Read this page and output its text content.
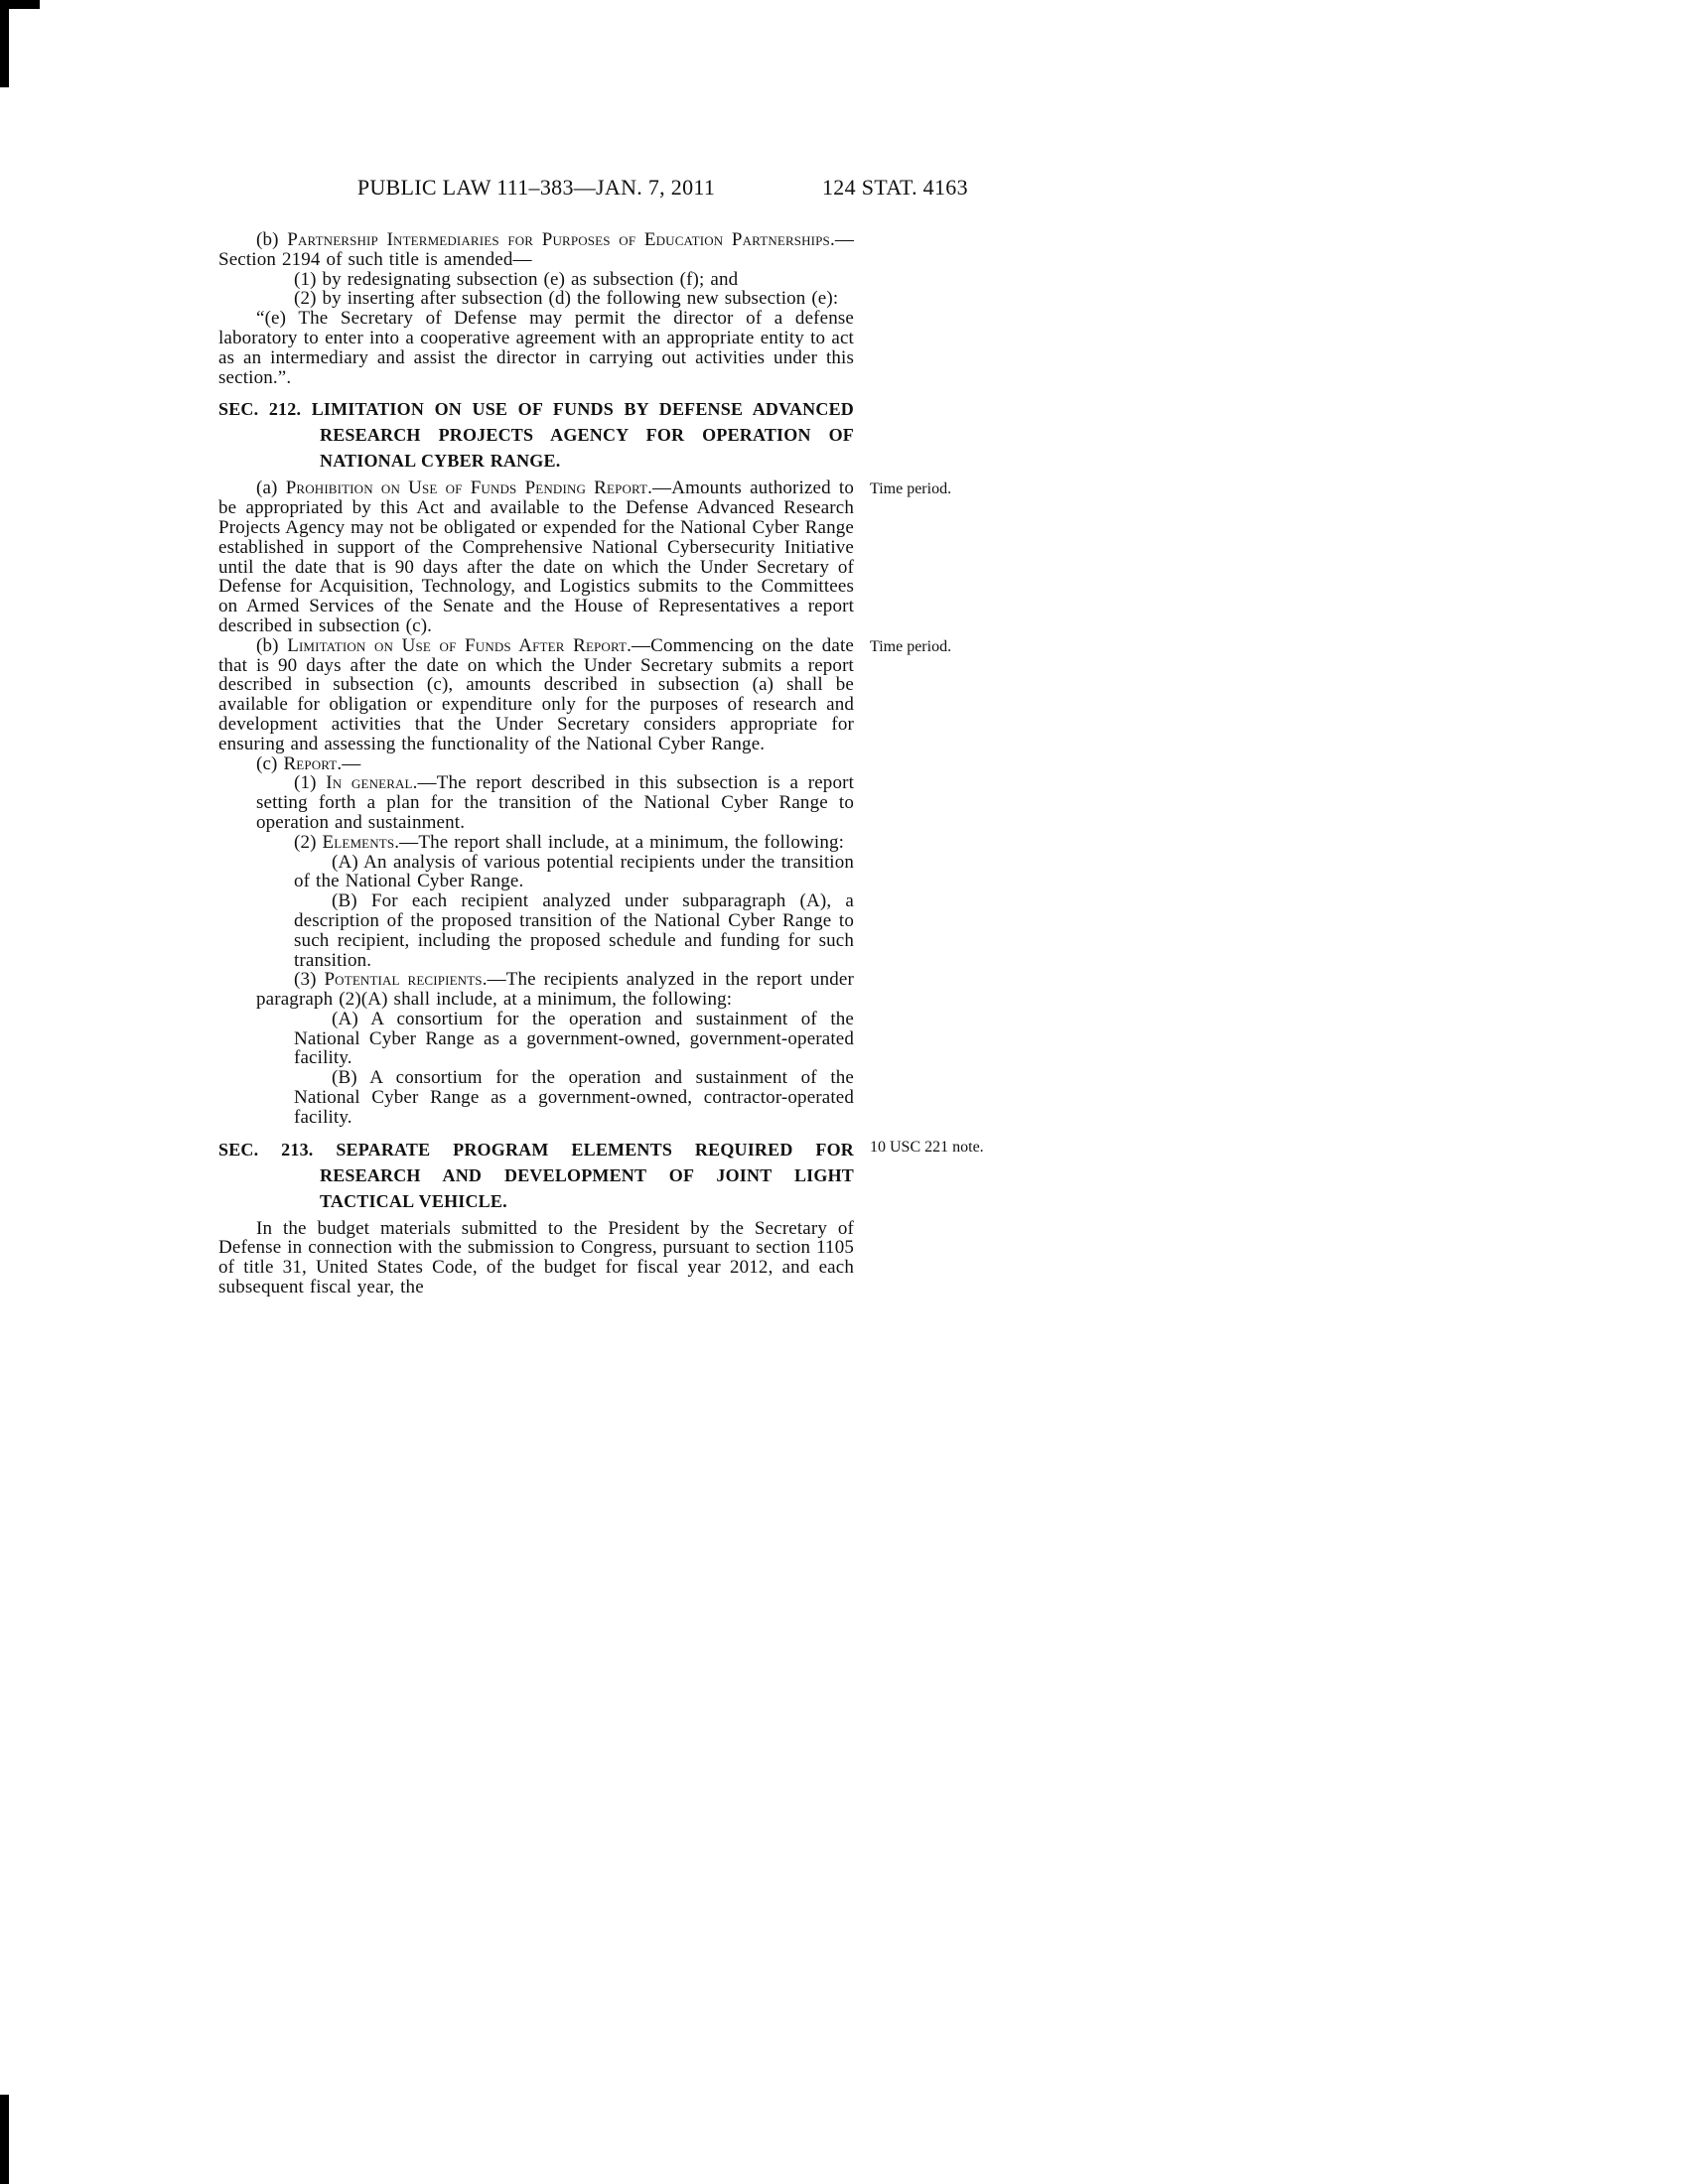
PUBLIC LAW 111–383—JAN. 7, 2011	124 STAT. 4163

(b) Partnership Intermediaries for Purposes of Education Partnerships.—Section 2194 of such title is amended—

(1) by redesignating subsection (e) as subsection (f); and

(2) by inserting after subsection (d) the following new subsection (e):

“(e) The Secretary of Defense may permit the director of a defense laboratory to enter into a cooperative agreement with an appropriate entity to act as an intermediary and assist the director in carrying out activities under this section.”.

SEC. 212. LIMITATION ON USE OF FUNDS BY DEFENSE ADVANCED RESEARCH PROJECTS AGENCY FOR OPERATION OF NATIONAL CYBER RANGE.

(a) Prohibition on Use of Funds Pending Report.—Amounts authorized to be appropriated by this Act and available to the Defense Advanced Research Projects Agency may not be obligated or expended for the National Cyber Range established in support of the Comprehensive National Cybersecurity Initiative until the date that is 90 days after the date on which the Under Secretary of Defense for Acquisition, Technology, and Logistics submits to the Committees on Armed Services of the Senate and the House of Representatives a report described in subsection (c).
Time period.

(b) Limitation on Use of Funds After Report.—Commencing on the date that is 90 days after the date on which the Under Secretary submits a report described in subsection (c), amounts described in subsection (a) shall be available for obligation or expenditure only for the purposes of research and development activities that the Under Secretary considers appropriate for ensuring and assessing the functionality of the National Cyber Range.
Time period.

(c) Report.—

(1) In general.—The report described in this subsection is a report setting forth a plan for the transition of the National Cyber Range to operation and sustainment.

(2) Elements.—The report shall include, at a minimum, the following:

(A) An analysis of various potential recipients under the transition of the National Cyber Range.

(B) For each recipient analyzed under subparagraph (A), a description of the proposed transition of the National Cyber Range to such recipient, including the proposed schedule and funding for such transition.

(3) Potential recipients.—The recipients analyzed in the report under paragraph (2)(A) shall include, at a minimum, the following:

(A) A consortium for the operation and sustainment of the National Cyber Range as a government-owned, government-operated facility.

(B) A consortium for the operation and sustainment of the National Cyber Range as a government-owned, contractor-operated facility.

SEC. 213. SEPARATE PROGRAM ELEMENTS REQUIRED FOR RESEARCH AND DEVELOPMENT OF JOINT LIGHT TACTICAL VEHICLE.
10 USC 221 note.

In the budget materials submitted to the President by the Secretary of Defense in connection with the submission to Congress, pursuant to section 1105 of title 31, United States Code, of the budget for fiscal year 2012, and each subsequent fiscal year, the
